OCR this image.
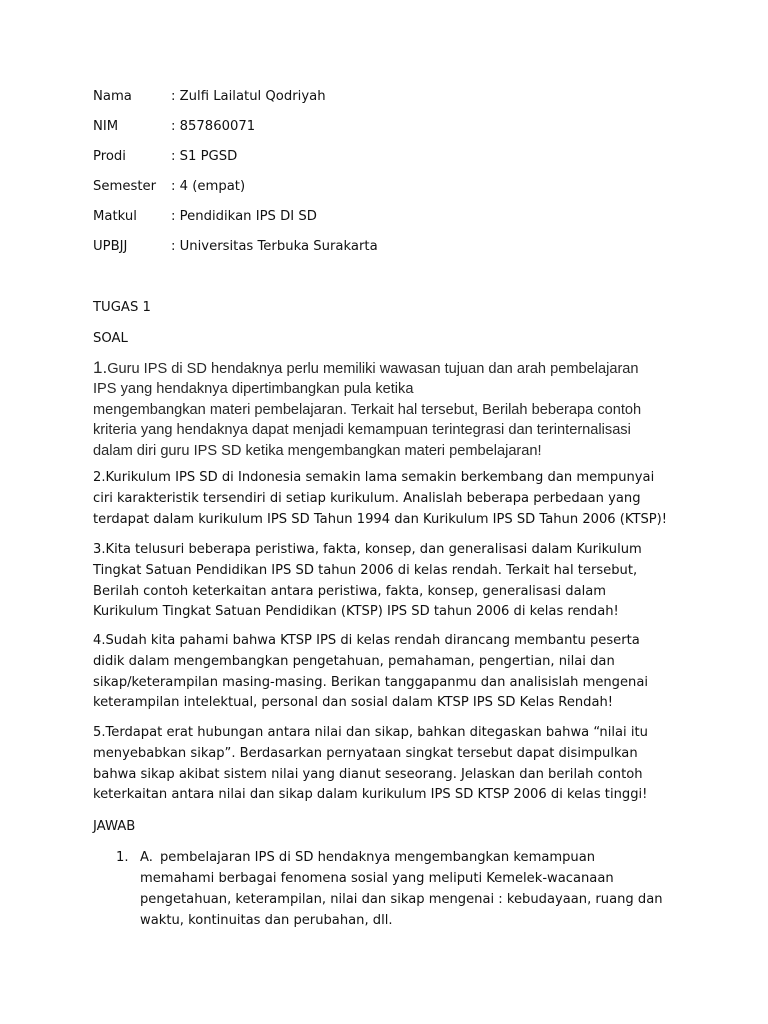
Nama	: Zulfi Lailatul Qodriyah
NIM	: 857860071
Prodi	: S1 PGSD
Semester : 4 (empat)
Matkul	: Pendidikan IPS DI SD
UPBJJ	: Universitas Terbuka Surakarta
TUGAS 1
SOAL
1.Guru IPS di SD hendaknya perlu memiliki wawasan tujuan dan arah pembelajaran
IPS yang hendaknya dipertimbangkan pula ketika
mengembangkan materi pembelajaran. Terkait hal tersebut, Berilah beberapa contoh
kriteria yang hendaknya dapat menjadi kemampuan terintegrasi dan terinternalisasi
dalam diri guru IPS SD ketika mengembangkan materi pembelajaran!
2.Kurikulum IPS SD di Indonesia semakin lama semakin berkembang dan mempunyai
ciri karakteristik tersendiri di setiap kurikulum. Analislah beberapa perbedaan yang
terdapat dalam kurikulum IPS SD Tahun 1994 dan Kurikulum IPS SD Tahun 2006 (KTSP)!
3.Kita telusuri beberapa peristiwa, fakta, konsep, dan generalisasi dalam Kurikulum
Tingkat Satuan Pendidikan IPS SD tahun 2006 di kelas rendah. Terkait hal tersebut,
Berilah contoh keterkaitan antara peristiwa, fakta, konsep, generalisasi dalam
Kurikulum Tingkat Satuan Pendidikan (KTSP) IPS SD tahun 2006 di kelas rendah!
4.Sudah kita pahami bahwa KTSP IPS di kelas rendah dirancang membantu peserta
didik dalam mengembangkan pengetahuan, pemahaman, pengertian, nilai dan
sikap/keterampilan masing-masing. Berikan tanggapanmu dan analisislah mengenai
keterampilan intelektual, personal dan sosial dalam KTSP IPS SD Kelas Rendah!
5.Terdapat erat hubungan antara nilai dan sikap, bahkan ditegaskan bahwa “nilai itu
menyebabkan sikap”. Berdasarkan pernyataan singkat tersebut dapat disimpulkan
bahwa sikap akibat sistem nilai yang dianut seseorang. Jelaskan dan berilah contoh
keterkaitan antara nilai dan sikap dalam kurikulum IPS SD KTSP 2006 di kelas tinggi!
JAWAB
1. A. pembelajaran IPS di SD hendaknya mengembangkan kemampuan
memahami berbagai fenomena sosial yang meliputi Kemelek-wacanaan
pengetahuan, keterampilan, nilai dan sikap mengenai : kebudayaan, ruang dan
waktu, kontinuitas dan perubahan, dll.
